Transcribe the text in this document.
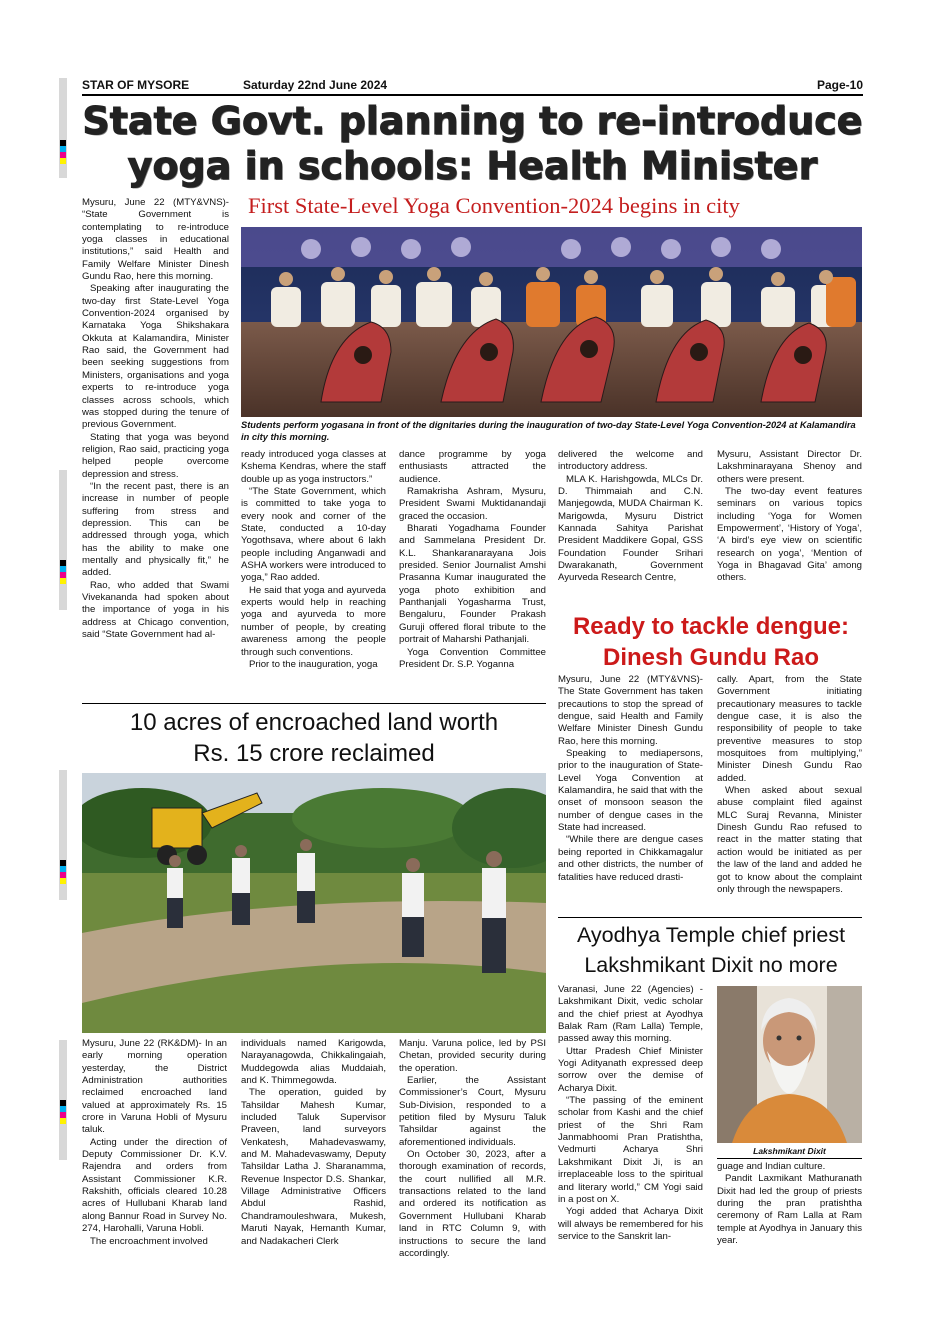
STAR OF MYSORE	Saturday 22nd June 2024	Page-10
State Govt. planning to re-introduce
yoga in schools: Health Minister
First State-Level Yoga Convention-2024 begins in city

Mysuru, June 22 (MTY&VNS)- “State Government is contemplating to re-introduce yoga classes in educational institutions,” said Health and Family Welfare Minister Dinesh Gundu Rao, here this morning.

Speaking after inaugurating the two-day first State-Level Yoga Convention-2024 organised by Karnataka Yoga Shikshakara Okkuta at Kalamandira, Minister Rao said, the Government had been seeking suggestions from Ministers, organisations and yoga experts to re-introduce yoga classes across schools, which was stopped during the tenure of previous Government.

Stating that yoga was beyond religion, Rao said, practicing yoga helped people overcome depression and stress.

“In the recent past, there is an increase in number of people suffering from stress and depression. This can be addressed through yoga, which has the ability to make one mentally and physically fit,” he added.

Rao, who added that Swami Vivekananda had spoken about the importance of yoga in his address at Chicago convention, said “State Government had al-

Students perform yogasana in front of the dignitaries during the inauguration of two-day State-Level Yoga Convention-2024 at Kalamandira in city this morning.

ready introduced yoga classes at Kshema Kendras, where the staff double up as yoga instructors.”

“The State Government, which is committed to take yoga to every nook and corner of the State, conducted a 10-day Yogothsava, where about 6 lakh people including Anganwadi and ASHA workers were introduced to yoga,” Rao added.

He said that yoga and ayurveda experts would help in reaching yoga and ayurveda to more number of people, by creating awareness among the people through such conventions.

Prior to the inauguration, yoga

dance programme by yoga enthusiasts attracted the audience.

Ramakrisha Ashram, Mysuru, President Swami Muktidanandaji graced the occasion.

Bharati Yogadhama Founder and Sammelana President Dr. K.L. Shankaranarayana Jois presided. Senior Journalist Amshi Prasanna Kumar inaugurated the yoga photo exhibition and Panthanjali Yogasharma Trust, Bengaluru, Founder Prakash Guruji offered floral tribute to the portrait of Maharshi Pathanjali.

Yoga Convention Committee President Dr. S.P. Yoganna

delivered the welcome and introductory address.

MLA K. Harishgowda, MLCs Dr. D. Thimmaiah and C.N. Manjegowda, MUDA Chairman K. Marigowda, Mysuru District Kannada Sahitya Parishat President Maddikere Gopal, GSS Foundation Founder Srihari Dwarakanath, Government Ayurveda Research Centre,

Mysuru, Assistant Director Dr. Lakshminarayana Shenoy and others were present.

The two-day event features seminars on various topics including ‘Yoga for Women Empowerment’, ‘History of Yoga’, ‘A bird’s eye view on scientific research on yoga’, ‘Mention of Yoga in Bhagavad Gita’ among others.

10 acres of encroached land worth
Rs. 15 crore reclaimed

Mysuru, June 22 (RK&DM)- In an early morning operation yesterday, the District Administration authorities reclaimed encroached land valued at approximately Rs. 15 crore in Varuna Hobli of Mysuru taluk.

Acting under the direction of Deputy Commissioner Dr. K.V. Rajendra and orders from Assistant Commissioner K.R. Rakshith, officials cleared 10.28 acres of Hullubani Kharab land along Bannur Road in Survey No. 274, Harohalli, Varuna Hobli.

The encroachment involved

individuals named Karigowda, Narayanagowda, Chikkalingaiah, Muddegowda alias Muddaiah, and K. Thimmegowda.

The operation, guided by Tahsildar Mahesh Kumar, included Taluk Supervisor Praveen, land surveyors Venkatesh, Mahadevaswamy, and M. Mahadevaswamy, Deputy Tahsildar Latha J. Sharanamma, Revenue Inspector D.S. Shankar, Village Administrative Officers Abdul Rashid, Chandramouleshwara, Mukesh, Maruti Nayak, Hemanth Kumar, and Nadakacheri Clerk

Manju. Varuna police, led by PSI Chetan, provided security during the operation.

Earlier, the Assistant Commissioner’s Court, Mysuru Sub-Division, responded to a petition filed by Mysuru Taluk Tahsildar against the aforementioned individuals.

On October 30, 2023, after a thorough examination of records, the court nullified all M.R. transactions related to the land and ordered its notification as Government Hullubani Kharab land in RTC Column 9, with instructions to secure the land accordingly.

Ready to tackle dengue:
Dinesh Gundu Rao

Mysuru, June 22 (MTY&VNS)- The State Government has taken precautions to stop the spread of dengue, said Health and Family Welfare Minister Dinesh Gundu Rao, here this morning.

Speaking to mediapersons, prior to the inauguration of State-Level Yoga Convention at Kalamandira, he said that with the onset of monsoon season the number of dengue cases in the State had increased.

“While there are dengue cases being reported in Chikkamagalur and other districts, the number of fatalities have reduced drasti-

cally. Apart, from the State Government initiating precautionary measures to tackle dengue case, it is also the responsibility of people to take preventive measures to stop mosquitoes from multiplying,” Minister Dinesh Gundu Rao added.

When asked about sexual abuse complaint filed against MLC Suraj Revanna, Minister Dinesh Gundu Rao refused to react in the matter stating that action would be initiated as per the law of the land and added he got to know about the complaint only through the newspapers.

Ayodhya Temple chief priest
Lakshmikant Dixit no more

Varanasi, June 22 (Agencies) - Lakshmikant Dixit, vedic scholar and the chief priest at Ayodhya Balak Ram (Ram Lalla) Temple, passed away this morning.

Uttar Pradesh Chief Minister Yogi Adityanath expressed deep sorrow over the demise of Acharya Dixit.

“The passing of the eminent scholar from Kashi and the chief priest of the Shri Ram Janmabhoomi Pran Pratishtha, Vedmurti Acharya Shri Lakshmikant Dixit Ji, is an irreplaceable loss to the spiritual and literary world,” CM Yogi said in a post on X.

Yogi added that Acharya Dixit will always be remembered for his service to the Sanskrit lan-

Lakshmikant Dixit

guage and Indian culture.

Pandit Laxmikant Mathuranath Dixit had led the group of priests during the pran pratishtha ceremony of Ram Lalla at Ram temple at Ayodhya in January this year.
